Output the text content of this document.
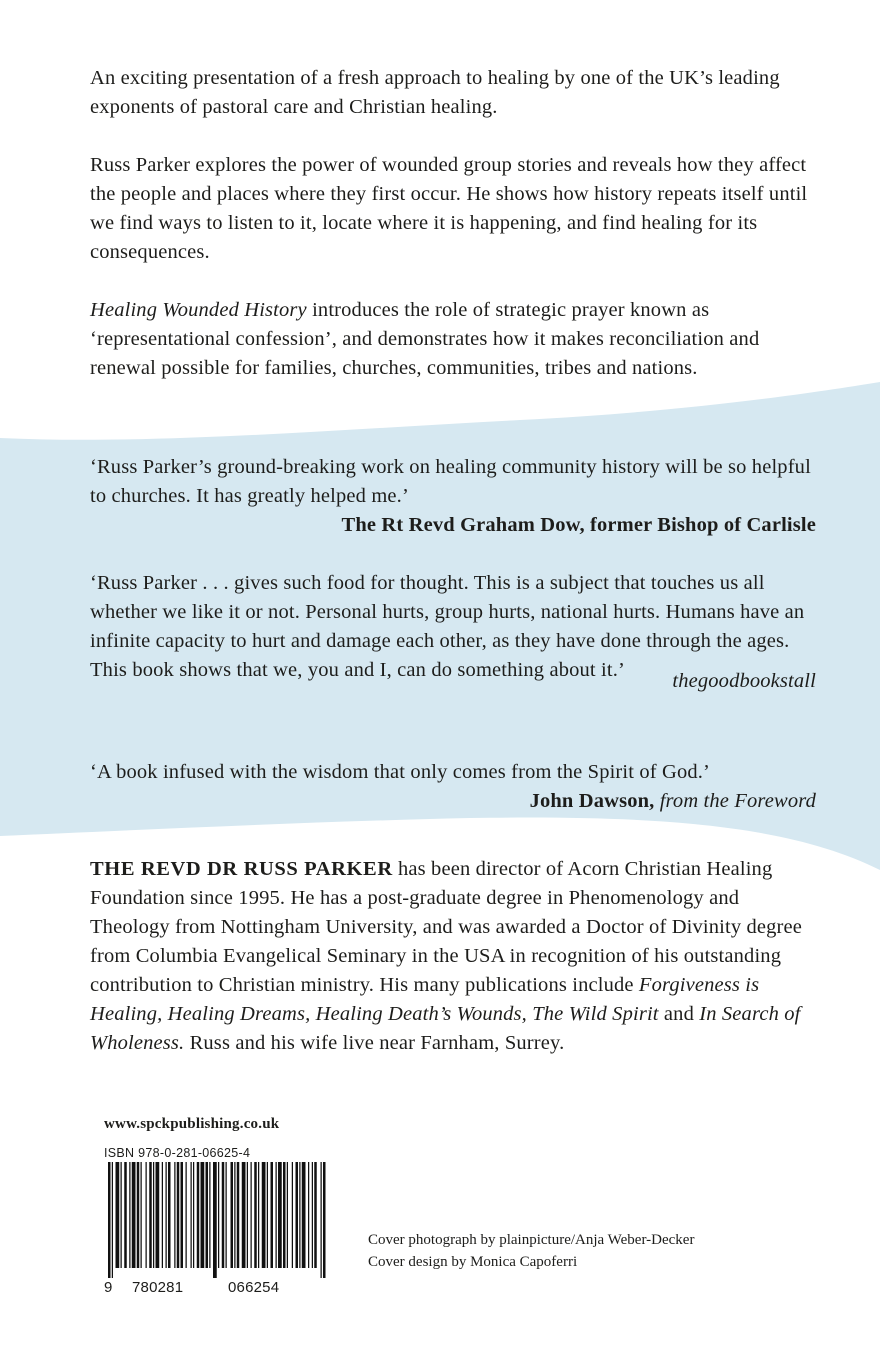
An exciting presentation of a fresh approach to healing by one of the UK’s leading exponents of pastoral care and Christian healing.

Russ Parker explores the power of wounded group stories and reveals how they affect the people and places where they first occur. He shows how history repeats itself until we find ways to listen to it, locate where it is happening, and find healing for its consequences.

Healing Wounded History introduces the role of strategic prayer known as ‘representational confession’, and demonstrates how it makes reconciliation and renewal possible for families, churches, communities, tribes and nations.

‘Russ Parker’s ground-breaking work on healing community history will be so helpful to churches. It has greatly helped me.’

The Rt Revd Graham Dow, former Bishop of Carlisle

‘Russ Parker . . . gives such food for thought. This is a subject that touches us all whether we like it or not. Personal hurts, group hurts, national hurts. Humans have an infinite capacity to hurt and damage each other, as they have done through the ages. This book shows that we, you and I, can do something about it.’	thegoodbookstall

‘A book infused with the wisdom that only comes from the Spirit of God.’

John Dawson, from the Foreword

THE REVD DR RUSS PARKER has been director of Acorn Christian Healing Foundation since 1995. He has a post-graduate degree in Phenomenology and Theology from Nottingham University, and was awarded a Doctor of Divinity degree from Columbia Evangelical Seminary in the USA in recognition of his outstanding contribution to Christian ministry. His many publications include Forgiveness is Healing, Healing Dreams, Healing Death’s Wounds, The Wild Spirit and In Search of Wholeness. Russ and his wife live near Farnham, Surrey.

www.spckpublishing.co.uk
ISBN 978-0-281-06625-4
9 780281	066254
Cover photograph by plainpicture/Anja Weber-Decker
Cover design by Monica Capoferri
